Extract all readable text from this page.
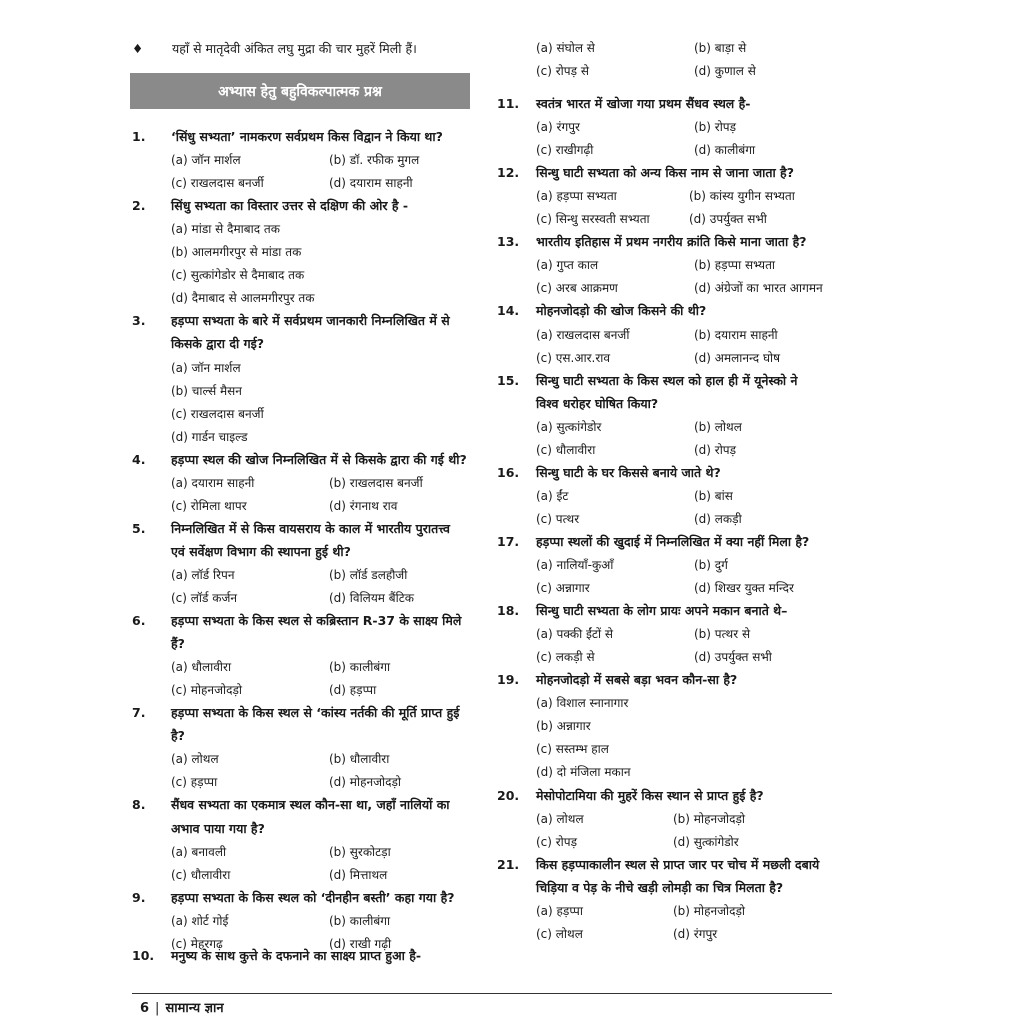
♦ यहाँ से मातृदेवी अंकित लघु मुद्रा की चार मुहरें मिली हैं।
अभ्यास हेतु बहुविकल्पात्मक प्रश्न
1. ‘सिंधु सभ्यता’ नामकरण सर्वप्रथम किस विद्वान ने किया था?
(a) जॉन मार्शल	(b) डॉ. रफीक मुगल
(c) राखलदास बनर्जी	(d) दयाराम साहनी
2. सिंधु सभ्यता का विस्तार उत्तर से दक्षिण की ओर है -
(a) मांडा से दैमाबाद तक
(b) आलमगीरपुर से मांडा तक
(c) सुत्कांगेडोर से दैमाबाद तक
(d) दैमाबाद से आलमगीरपुर तक
3. हड़प्पा सभ्यता के बारे में सर्वप्रथम जानकारी निम्नलिखित में से
किसके द्वारा दी गई?
(a) जॉन मार्शल
(b) चार्ल्स मैसन
(c) राखलदास बनर्जी
(d) गार्डन चाइल्ड
4. हड़प्पा स्थल की खोज निम्नलिखित में से किसके द्वारा की गई थी?
(a) दयाराम साहनी	(b) राखलदास बनर्जी
(c) रोमिला थापर	(d) रंगनाथ राव
5. निम्नलिखित में से किस वायसराय के काल में भारतीय पुरातत्त्व
एवं सर्वेक्षण विभाग की स्थापना हुई थी?
(a) लॉर्ड रिपन	(b) लॉर्ड डलहौजी
(c) लॉर्ड कर्जन	(d) विलियम बैंटिक
6. हड़प्पा सभ्यता के किस स्थल से कब्रिस्तान R-37 के साक्ष्य मिले
हैं?
(a) धौलावीरा	(b) कालीबंगा
(c) मोहनजोदड़ो	(d) हड़प्पा
7. हड़प्पा सभ्यता के किस स्थल से ‘कांस्य नर्तकी की मूर्ति प्राप्त हुई
है?
(a) लोथल	(b) धौलावीरा
(c) हड़प्पा	(d) मोहनजोदड़ो
8. सैंधव सभ्यता का एकमात्र स्थल कौन-सा था, जहाँ नालियों का
अभाव पाया गया है?
(a) बनावली	(b) सुरकोटड़ा
(c) धौलावीरा	(d) मित्ताथल
9. हड़प्पा सभ्यता के किस स्थल को ‘दीनहीन बस्ती’ कहा गया है?
(a) शोर्ट गोई	(b) कालीबंगा
(c) मेहरगढ़	(d) राखी गढ़ी
10. मनुष्य के साथ कुत्ते के दफनाने का साक्ष्य प्राप्त हुआ है-
(a) संघोल से	(b) बाड़ा से
(c) रोपड़ से	(d) कुणाल से
11. स्वतंत्र भारत में खोजा गया प्रथम सैंधव स्थल है-
(a) रंगपुर	(b) रोपड़
(c) राखीगढ़ी	(d) कालीबंगा
12. सिन्धु घाटी सभ्यता को अन्य किस नाम से जाना जाता है?
(a) हड़प्पा सभ्यता	(b) कांस्य युगीन सभ्यता
(c) सिन्धु सरस्वती सभ्यता	(d) उपर्युक्त सभी
13. भारतीय इतिहास में प्रथम नगरीय क्रांति किसे माना जाता है?
(a) गुप्त काल	(b) हड़प्पा सभ्यता
(c) अरब आक्रमण	(d) अंग्रेजों का भारत आगमन
14. मोहनजोदड़ो की खोज किसने की थी?
(a) राखलदास बनर्जी	(b) दयाराम साहनी
(c) एस.आर.राव	(d) अमलानन्द घोष
15. सिन्धु घाटी सभ्यता के किस स्थल को हाल ही में यूनेस्को ने
विश्व धरोहर घोषित किया?
(a) सुत्कांगेडोर	(b) लोथल
(c) धौलावीरा	(d) रोपड़
16. सिन्धु घाटी के घर किससे बनाये जाते थे?
(a) ईंट	(b) बांस
(c) पत्थर	(d) लकड़ी
17. हड़प्पा स्थलों की खुदाई में निम्नलिखित में क्या नहीं मिला है?
(a) नालियाँ-कुआँ	(b) दुर्ग
(c) अन्नागार	(d) शिखर युक्त मन्दिर
18. सिन्धु घाटी सभ्यता के लोग प्रायः अपने मकान बनाते थे–
(a) पक्की ईंटों से	(b) पत्थर से
(c) लकड़ी से	(d) उपर्युक्त सभी
19. मोहनजोदड़ो में सबसे बड़ा भवन कौन-सा है?
(a) विशाल स्नानागार
(b) अन्नागार
(c) सस्तम्भ हाल
(d) दो मंजिला मकान
20. मेसोपोटामिया की मुहरें किस स्थान से प्राप्त हुई है?
(a) लोथल	(b) मोहनजोदड़ो
(c) रोपड़	(d) सुत्कांगेडोर
21. किस हड़प्पाकालीन स्थल से प्राप्त जार पर चोच में मछली दबाये
चिड़िया व पेड़ के नीचे खड़ी लोमड़ी का चित्र मिलता है?
(a) हड़प्पा	(b) मोहनजोदड़ो
(c) लोथल	(d) रंगपुर
6 | सामान्य ज्ञान
